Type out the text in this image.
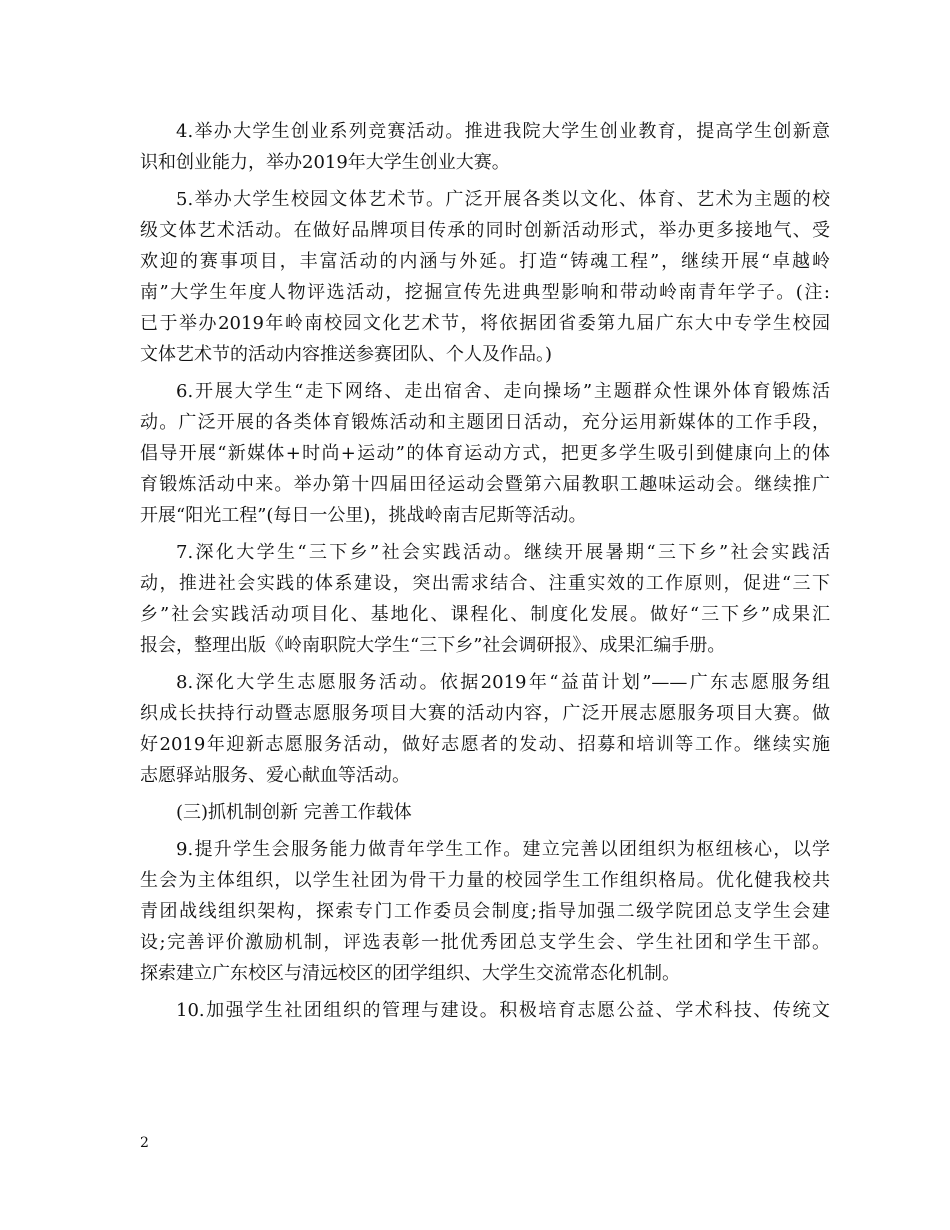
4.举办大学生创业系列竞赛活动。推进我院大学生创业教育，提高学生创新意
识和创业能力，举办2019年大学生创业大赛。

5.举办大学生校园文体艺术节。广泛开展各类以文化、体育、艺术为主题的校
级文体艺术活动。在做好品牌项目传承的同时创新活动形式，举办更多接地气、受
欢迎的赛事项目，丰富活动的内涵与外延。打造“铸魂工程”，继续开展“卓越岭
南”大学生年度人物评选活动，挖掘宣传先进典型影响和带动岭南青年学子。(注:
已于举办2019年岭南校园文化艺术节，将依据团省委第九届广东大中专学生校园
文体艺术节的活动内容推送参赛团队、个人及作品。)

6.开展大学生“走下网络、走出宿舍、走向操场”主题群众性课外体育锻炼活
动。广泛开展的各类体育锻炼活动和主题团日活动，充分运用新媒体的工作手段，
倡导开展“新媒体+时尚+运动”的体育运动方式，把更多学生吸引到健康向上的体
育锻炼活动中来。举办第十四届田径运动会暨第六届教职工趣味运动会。继续推广
开展“阳光工程”(每日一公里)，挑战岭南吉尼斯等活动。

7.深化大学生“三下乡”社会实践活动。继续开展暑期“三下乡”社会实践活
动，推进社会实践的体系建设，突出需求结合、注重实效的工作原则，促进“三下
乡”社会实践活动项目化、基地化、课程化、制度化发展。做好“三下乡”成果汇
报会，整理出版《岭南职院大学生“三下乡”社会调研报》、成果汇编手册。

8.深化大学生志愿服务活动。依据2019年“益苗计划”——广东志愿服务组
织成长扶持行动暨志愿服务项目大赛的活动内容，广泛开展志愿服务项目大赛。做
好2019年迎新志愿服务活动，做好志愿者的发动、招募和培训等工作。继续实施
志愿驿站服务、爱心献血等活动。

(三)抓机制创新 完善工作载体

9.提升学生会服务能力做青年学生工作。建立完善以团组织为枢纽核心，以学
生会为主体组织，以学生社团为骨干力量的校园学生工作组织格局。优化健我校共
青团战线组织架构，探索专门工作委员会制度;指导加强二级学院团总支学生会建
设;完善评价激励机制，评选表彰一批优秀团总支学生会、学生社团和学生干部。
探索建立广东校区与清远校区的团学组织、大学生交流常态化机制。

10.加强学生社团组织的管理与建设。积极培育志愿公益、学术科技、传统文

2
